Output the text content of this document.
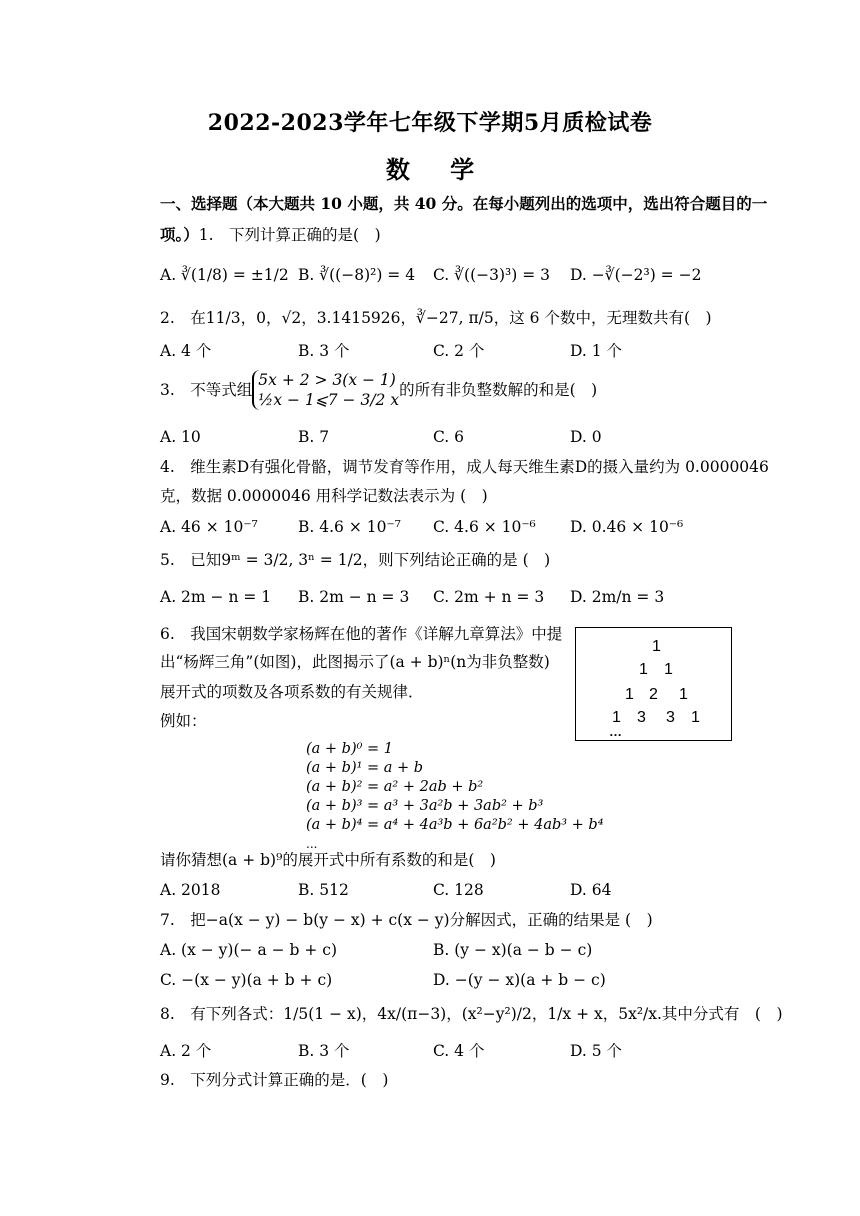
2022-2023学年七年级下学期5月质检试卷
数 学
一、选择题（本大题共 10 小题，共 40 分。在每小题列出的选项中，选出符合题目的一
项。）1.　下列计算正确的是(　)
A. ∛(1/8) = ±1/2 B. ∛((−8)²) = 4 C. ∛((−3)³) = 3 D. −∛(−2³) = −2
2.　在11/3，0，√2，3.1415926，∛−27, π/5，这 6 个数中，无理数共有(　)
A. 4 个	B. 3 个	C. 2 个	D. 1 个
3.　不等式组
5x + 2 > 3(x − 1)
½x − 1⩽7 − 3/2 x
的所有非负整数解的和是(　)
A. 10	B. 7	C. 6	D. 0
4.　维生素D有强化骨骼，调节发育等作用，成人每天维生素D的摄入量约为 0.0000046
克，数据 0.0000046 用科学记数法表示为 (　)
A. 46 × 10⁻⁷	B. 4.6 × 10⁻⁷ C. 4.6 × 10⁻⁶ D. 0.46 × 10⁻⁶
5.　已知9ᵐ = 3/2, 3ⁿ = 1/2，则下列结论正确的是 (　)
A. 2m − n = 1 B. 2m − n = 3 C. 2m + n = 3 D. 2m/n = 3
6.　我国宋朝数学家杨辉在他的著作《详解九章算法》中提
出“杨辉三角”(如图)，此图揭示了(a + b)ⁿ(n为非负整数)
展开式的项数及各项系数的有关规律．
例如：
1
1 1
1 2 1
1 3 3 1
…
(a + b)⁰ = 1
(a + b)¹ = a + b
(a + b)² = a² + 2ab + b²
(a + b)³ = a³ + 3a²b + 3ab² + b³
(a + b)⁴ = a⁴ + 4a³b + 6a²b² + 4ab³ + b⁴
...
请你猜想(a + b)⁹的展开式中所有系数的和是(　)
A. 2018	B. 512	C. 128	D. 64
7.　把−a(x − y) − b(y − x) + c(x − y)分解因式，正确的结果是 (　)
A. (x − y)(− a − b + c)	B. (y − x)(a − b − c)
C. −(x − y)(a + b + c)	D. −(y − x)(a + b − c)
8.　有下列各式：1/5(1 − x)，4x/(π−3)，(x²−y²)/2，1/x + x，5x²/x.其中分式有　(　)
A. 2 个	B. 3 个	C. 4 个	D. 5 个
9.　下列分式计算正确的是．(　)
